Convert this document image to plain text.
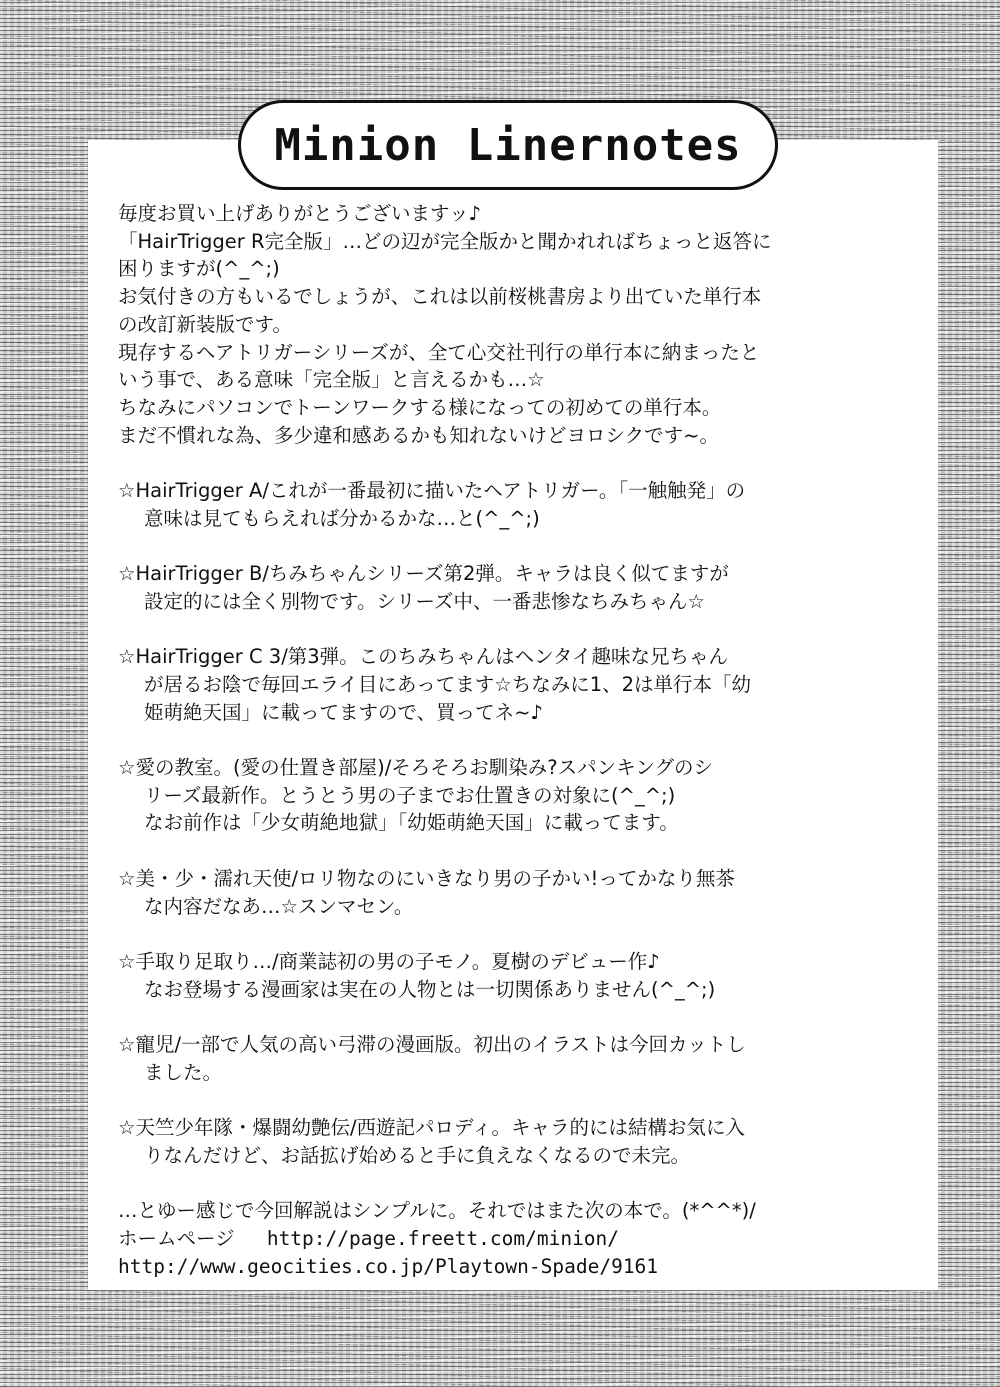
Minion Linernotes

毎度お買い上げありがとうございますッ♪

「HairTrigger R完全版」…どの辺が完全版かと聞かれればちょっと返答に

困りますが(^_^;)

お気付きの方もいるでしょうが、これは以前桜桃書房より出ていた単行本

の改訂新装版です。

現存するヘアトリガーシリーズが、全て心交社刊行の単行本に納まったと

いう事で、ある意味「完全版」と言えるかも…☆

ちなみにパソコンでトーンワークする様になっての初めての単行本。

まだ不慣れな為、多少違和感あるかも知れないけどヨロシクです~。

☆HairTrigger A/これが一番最初に描いたヘアトリガー。「一触触発」の

意味は見てもらえれば分かるかな…と(^_^;)

☆HairTrigger B/ちみちゃんシリーズ第2弾。キャラは良く似てますが

設定的には全く別物です。シリーズ中、一番悲惨なちみちゃん☆

☆HairTrigger C 3/第3弾。このちみちゃんはヘンタイ趣味な兄ちゃん

が居るお陰で毎回エライ目にあってます☆ちなみに1、2は単行本「幼

姫萌絶天国」に載ってますので、買ってネ~♪

☆愛の教室。(愛の仕置き部屋)/そろそろお馴染み?スパンキングのシ

リーズ最新作。とうとう男の子までお仕置きの対象に(^_^;)

なお前作は「少女萌絶地獄」「幼姫萌絶天国」に載ってます。

☆美・少・濡れ天使/ロリ物なのにいきなり男の子かい!ってかなり無茶

な内容だなあ…☆スンマセン。

☆手取り足取り…/商業誌初の男の子モノ。夏樹のデビュー作♪

なお登場する漫画家は実在の人物とは一切関係ありません(^_^;)

☆寵児/一部で人気の高い弓滞の漫画版。初出のイラストは今回カットし

ました。

☆天竺少年隊・爆闘幼艶伝/西遊記パロディ。キャラ的には結構お気に入

りなんだけど、お話拡げ始めると手に負えなくなるので未完。

…とゆー感じで今回解説はシンプルに。それではまた次の本で。(*^^*)/

ホームページ http://page.freett.com/minion/

http://www.geocities.co.jp/Playtown-Spade/9161
